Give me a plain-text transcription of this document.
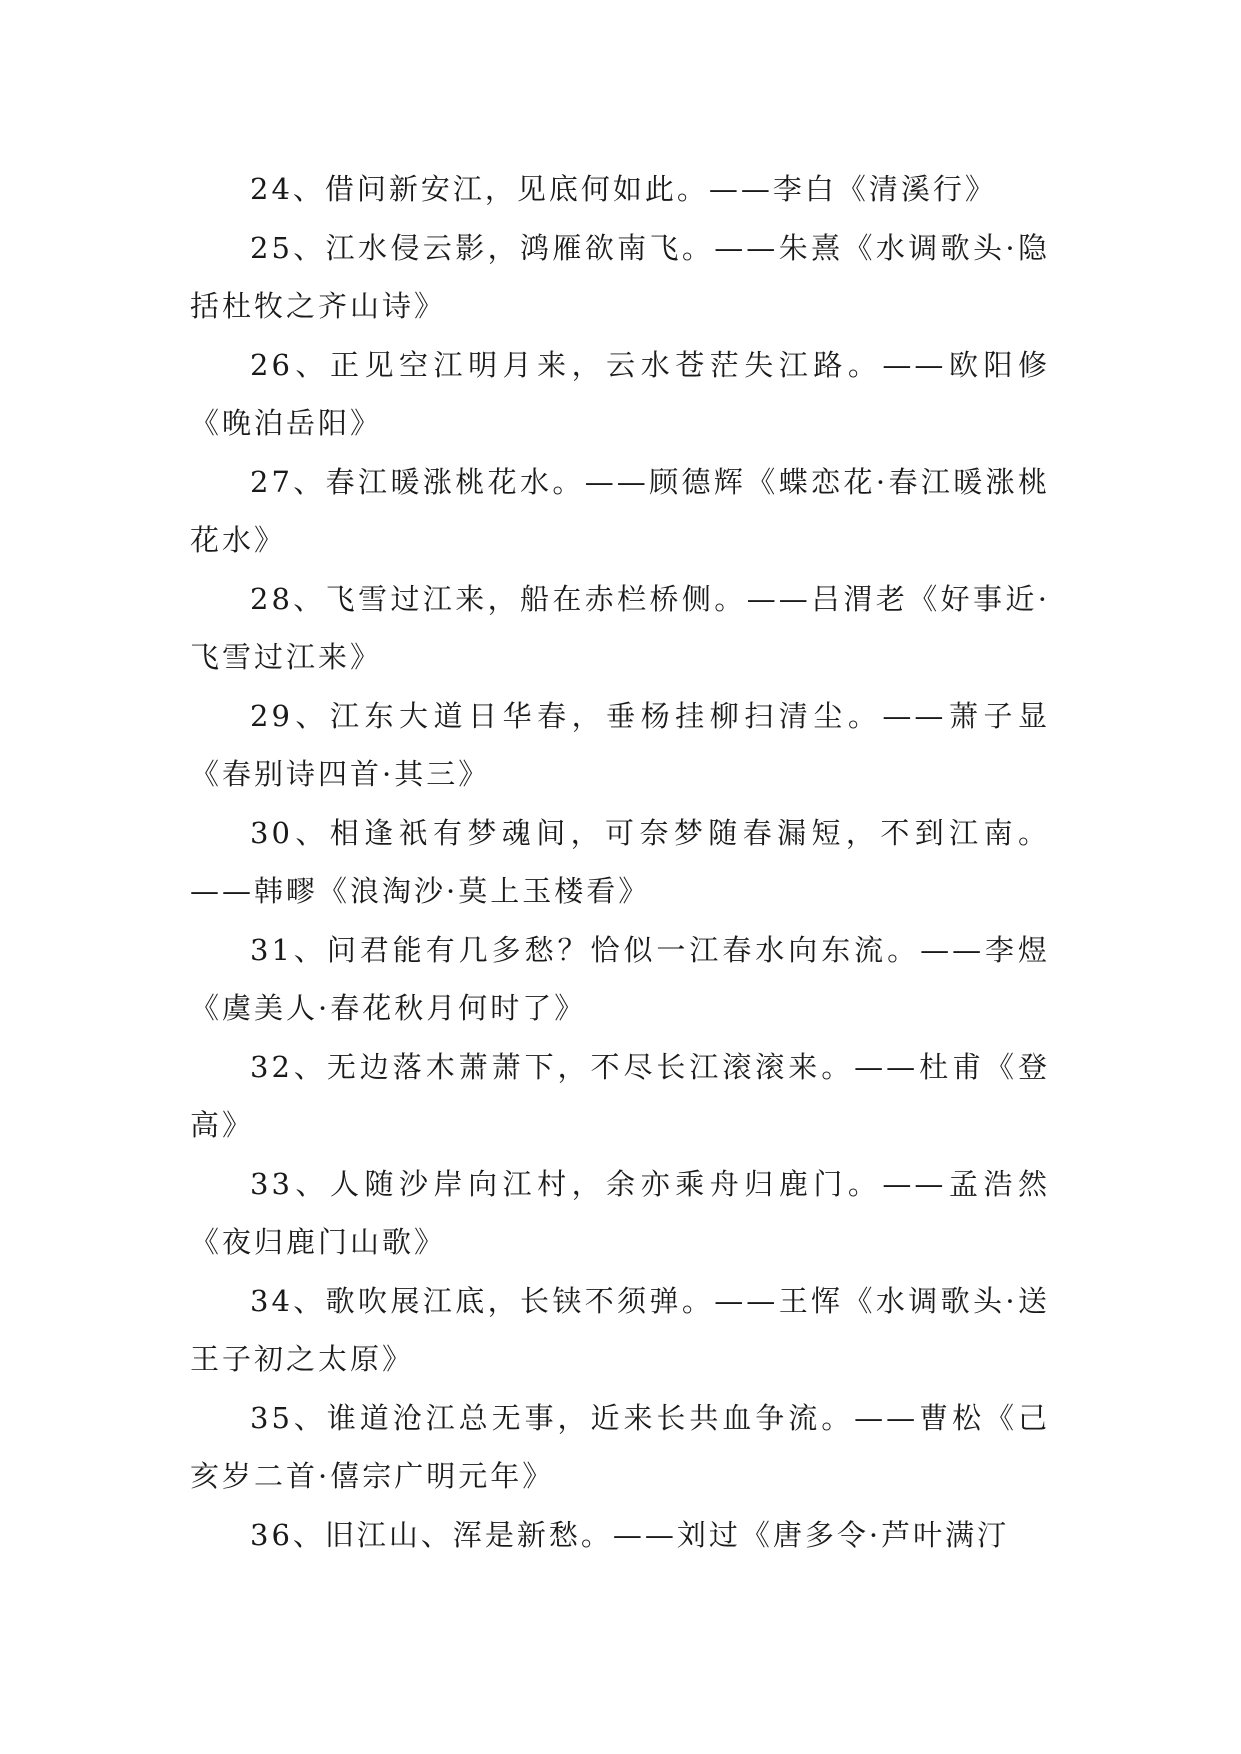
24、借问新安江，见底何如此。——李白《清溪行》

25、江水侵云影，鸿雁欲南飞。——朱熹《水调歌头·隐括杜牧之齐山诗》

26、正见空江明月来，云水苍茫失江路。——欧阳修《晚泊岳阳》

27、春江暖涨桃花水。——顾德辉《蝶恋花·春江暖涨桃花水》

28、飞雪过江来，船在赤栏桥侧。——吕渭老《好事近·飞雪过江来》

29、江东大道日华春，垂杨挂柳扫清尘。——萧子显《春别诗四首·其三》

30、相逢祇有梦魂间，可奈梦随春漏短，不到江南。——韩疁《浪淘沙·莫上玉楼看》

31、问君能有几多愁？恰似一江春水向东流。——李煜《虞美人·春花秋月何时了》

32、无边落木萧萧下，不尽长江滚滚来。——杜甫《登高》

33、人随沙岸向江村，余亦乘舟归鹿门。——孟浩然《夜归鹿门山歌》

34、歌吹展江底，长铗不须弹。——王恽《水调歌头·送王子初之太原》

35、谁道沧江总无事，近来长共血争流。——曹松《己亥岁二首·僖宗广明元年》

36、旧江山、浑是新愁。——刘过《唐多令·芦叶满汀
